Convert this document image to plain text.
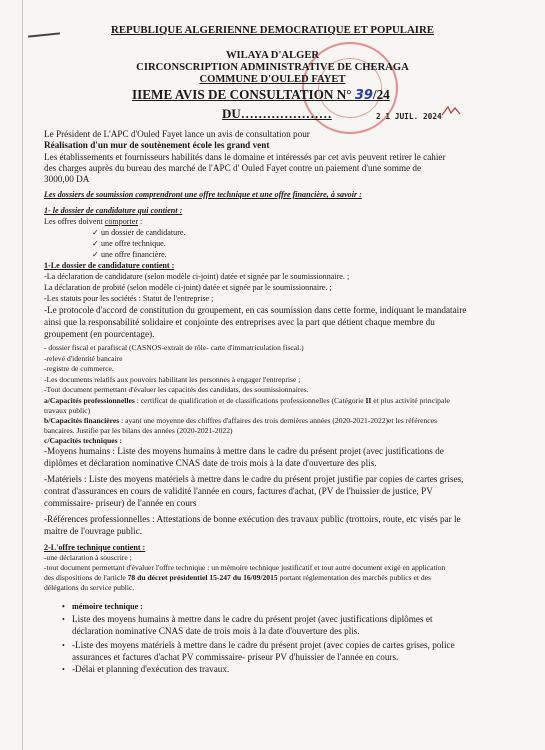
REPUBLIQUE ALGERIENNE DEMOCRATIQUE ET POPULAIRE
WILAYA D'ALGER
CIRCONSCRIPTION ADMINISTRATIVE DE CHERAGA
COMMUNE D'OULED FAYET
IIEME AVIS DE CONSULTATION N° 39/24
DU…………………	2 1 JUIL. 2024
Le Président de L'APC d'Ouled Fayet lance un avis de consultation pour
Réalisation d'un mur de soutènement école les grand vent
Les établissements et fournisseurs habilités dans le domaine et intéressés par cet avis peuvent retirer le cahier
des charges auprès du bureau des marché de l'APC d' Ouled Fayet contre un paiement d'une somme de
3000,00 DA
Les dossiers de soumission comprendront une offre technique et une offre financière, à savoir :
1- le dossier de candidature qui contient :
Les offres doivent comporter :
✓ un dossier de candidature.
✓ une offre technique.
✓ une offre financière.
1-Le dossier de candidature contient :
-La déclaration de candidature (selon modèle ci-joint) datée et signée par le soumissionnaire. ;
La déclaration de probité (selon modèle ci-joint) datée et signée par le soumissionnaire. ;
-Les statuts pour les sociétés : Statut de l'entreprise ;
-Le protocole d'accord de constitution du groupement, en cas soumission dans cette forme, indiquant le mandataire
ainsi que la responsabilité solidaire et conjointe des entreprises avec la part que détient chaque membre du
groupement (en pourcentage).
- dossier fiscal et parafiscal (CASNOS-extrait de rôle- carte d'immatriculation fiscal.)
-relevé d'identité bancaire
-registre de commerce.
-Les documents relatifs aux pouvoirs habilitant les personnes à engager l'entreprise ;
-Tout document permettant d'évaluer les capacités des candidats, des soumissionnaires.
a/Capacités professionnelles : certificat de qualification et de classifications professionnelles (Catégorie II et plus activité principale
travaux public)
b/Capacités financières : ayant une moyenne des chiffres d'affaires des trois dernières années (2020-2021-2022)et les références
bancaires. Justifie par les bilans des années (2020-2021-2022)
c/Capacités techniques :
-Moyens humains : Liste des moyens humains à mettre dans le cadre du présent projet (avec justifications de
diplômes et déclaration nominative CNAS date de trois mois à la date d'ouverture des plis.
-Matériels : Liste des moyens matériels à mettre dans le cadre du présent projet justifie par copies de cartes grises,
contrat d'assurances en cours de validité l'année en cours, factures d'achat, (PV de l'huissier de justice, PV
commissaire- priseur) de l'année en cours
-Références professionnelles : Attestations de bonne exécution des travaux public (trottoirs, route, etc visés par le
maitre de l'ouvrage public.
2-L'offre technique contient :
-une déclaration à souscrire ;
-tout document permettant d'évaluer l'offre technique : un mémoire technique justificatif et tout autre document exigé en application
des dispositions de l'article 78 du décret présidentiel 15-247 du 16/09/2015 portant réglementation des marchés publics et des
délégations du service public.
• mémoire technique :
• Liste des moyens humains à mettre dans le cadre du présent projet (avec justifications diplômes et
déclaration nominative CNAS date de trois mois à la date d'ouverture des plis.
• -Liste des moyens matériels à mettre dans le cadre du présent projet (avec copies de cartes grises, police
assurances et factures d'achat PV commissaire- priseur PV d'huissier de l'année en cours.
• -Délai et planning d'exécution des travaux.
